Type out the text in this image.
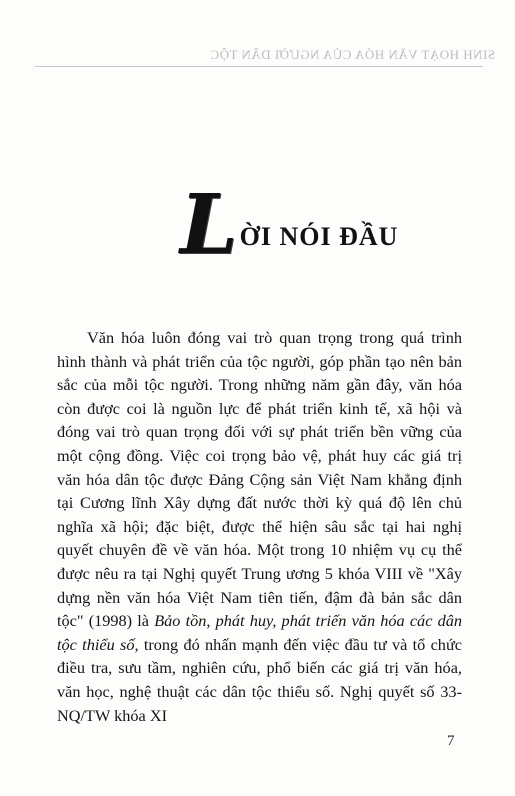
SINH HOẠT VĂN HÓA CỦA NGƯỜI DÂN TỘC

L ỜI NÓI ĐẦU

Văn hóa luôn đóng vai trò quan trọng trong quá trình hình thành và phát triển của tộc người, góp phần tạo nên bản sắc của mỗi tộc người. Trong những năm gần đây, văn hóa còn được coi là nguồn lực để phát triển kinh tế, xã hội và đóng vai trò quan trọng đối với sự phát triển bền vững của một cộng đồng. Việc coi trọng bảo vệ, phát huy các giá trị văn hóa dân tộc được Đảng Cộng sản Việt Nam khẳng định tại Cương lĩnh Xây dựng đất nước thời kỳ quá độ lên chủ nghĩa xã hội; đặc biệt, được thể hiện sâu sắc tại hai nghị quyết chuyên đề về văn hóa. Một trong 10 nhiệm vụ cụ thể được nêu ra tại Nghị quyết Trung ương 5 khóa VIII về "Xây dựng nền văn hóa Việt Nam tiên tiến, đậm đà bản sắc dân tộc" (1998) là Bảo tồn, phát huy, phát triển văn hóa các dân tộc thiểu số, trong đó nhấn mạnh đến việc đầu tư và tổ chức điều tra, sưu tầm, nghiên cứu, phổ biến các giá trị văn hóa, văn học, nghệ thuật các dân tộc thiểu số. Nghị quyết số 33-NQ/TW khóa XI

7
